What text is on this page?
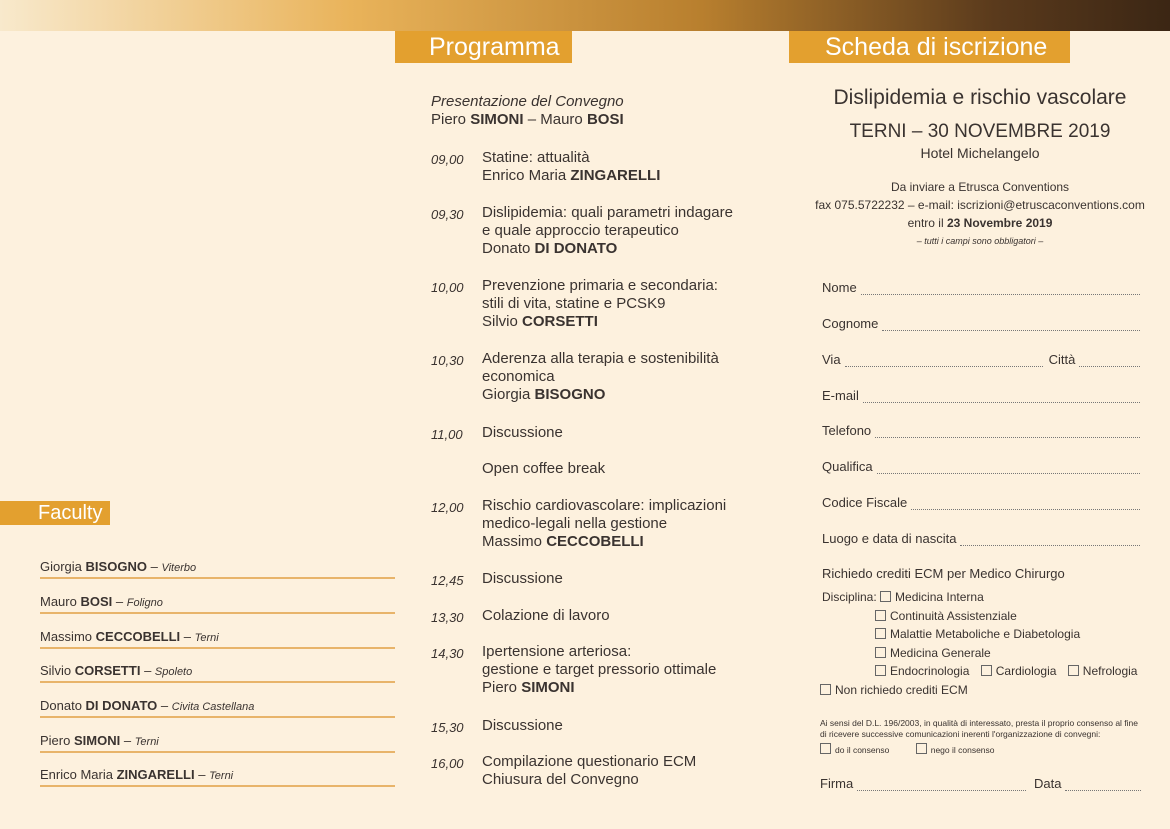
Faculty
Giorgia BISOGNO – Viterbo
Mauro BOSI – Foligno
Massimo CECCOBELLI – Terni
Silvio CORSETTI – Spoleto
Donato DI DONATO – Civita Castellana
Piero SIMONI – Terni
Enrico Maria ZINGARELLI – Terni
Programma
Presentazione del Convegno
Piero SIMONI – Mauro BOSI
09,00	Statine: attualità
Enrico Maria ZINGARELLI
09,30	Dislipidemia: quali parametri indagare
e quale approccio terapeutico
Donato DI DONATO
10,00	Prevenzione primaria e secondaria:
stili di vita, statine e PCSK9
Silvio CORSETTI
10,30	Aderenza alla terapia e sostenibilità
economica
Giorgia BISOGNO
11,00	Discussione
Open coffee break
12,00	Rischio cardiovascolare: implicazioni
medico-legali nella gestione
Massimo CECCOBELLI
12,45	Discussione
13,30	Colazione di lavoro
14,30	Ipertensione arteriosa:
gestione e target pressorio ottimale
Piero SIMONI
15,30	Discussione
16,00	Compilazione questionario ECM
Chiusura del Convegno
Scheda di iscrizione
Dislipidemia e rischio vascolare
TERNI – 30 NOVEMBRE 2019
Hotel Michelangelo
Da inviare a Etrusca Conventions
fax 075.5722232 – e-mail: iscrizioni@etruscaconventions.com
entro il 23 Novembre 2019
– tutti i campi sono obbligatori –
Nome
Cognome
Via	Città
E-mail
Telefono
Qualifica
Codice Fiscale
Luogo e data di nascita
Richiedo crediti ECM per Medico Chirurgo
Disciplina: Medicina Interna
Continuità Assistenziale
Malattie Metaboliche e Diabetologia
Medicina Generale
Endocrinologia Cardiologia Nefrologia
Non richiedo crediti ECM
Ai sensi del D.L. 196/2003, in qualità di interessato, presta il proprio consenso al fine di ricevere successive comunicazioni inerenti l'organizzazione di convegni:
do il consenso	nego il consenso
Firma	Data
